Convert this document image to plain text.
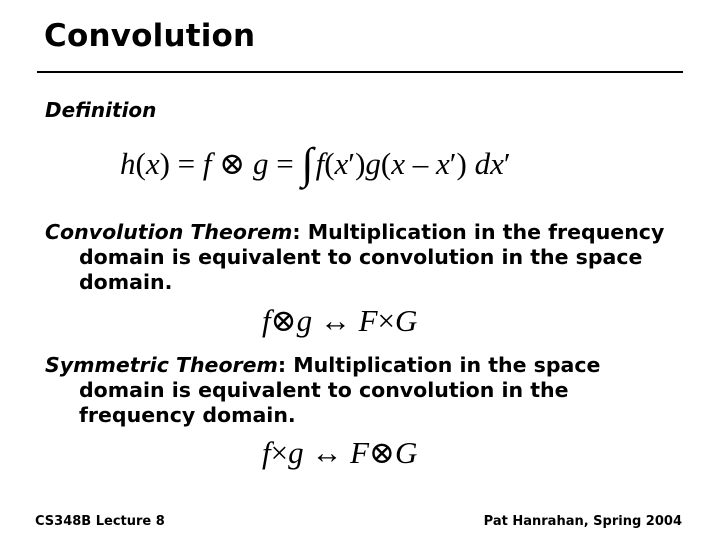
Convolution
Definition
h(x) = f ⊗ g = ∫f(x′)g(x – x′) dx′
Convolution Theorem: Multiplication in the frequency domain is equivalent to convolution in the space domain.
f⊗g ↔ F×G
Symmetric Theorem: Multiplication in the space domain is equivalent to convolution in the frequency domain.
f×g ↔ F⊗G
CS348B Lecture 8	Pat Hanrahan, Spring 2004
